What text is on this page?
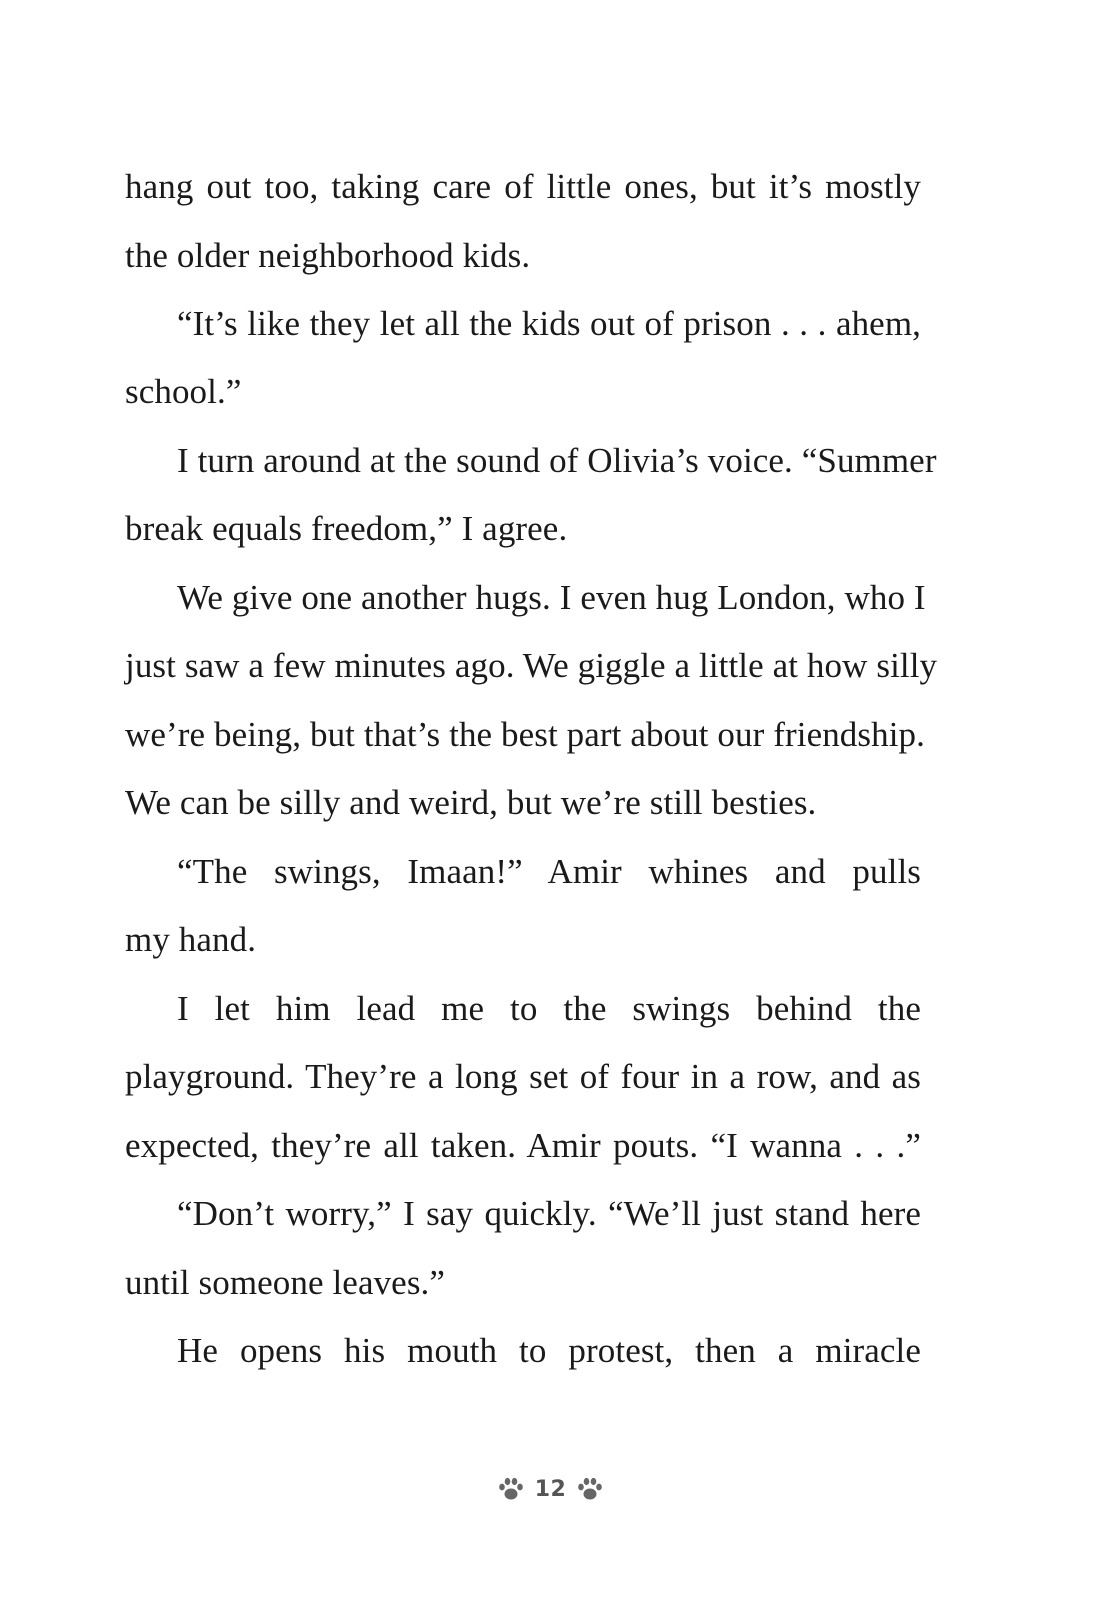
hang out too, taking care of little ones, but it’s mostly
the older neighborhood kids.
“It’s like they let all the kids out of prison . . . ahem,
school.”
I turn around at the sound of Olivia’s voice. “Summer
break equals freedom,” I agree.
We give one another hugs. I even hug London, who I
just saw a few minutes ago. We giggle a little at how silly
we’re being, but that’s the best part about our friendship.
We can be silly and weird, but we’re still besties.
“The swings, Imaan!” Amir whines and pulls
my hand.
I let him lead me to the swings behind the
playground. They’re a long set of four in a row, and as
expected, they’re all taken. Amir pouts. “I wanna . . .”
“Don’t worry,” I say quickly. “We’ll just stand here
until someone leaves.”
He opens his mouth to protest, then a miracle
12
